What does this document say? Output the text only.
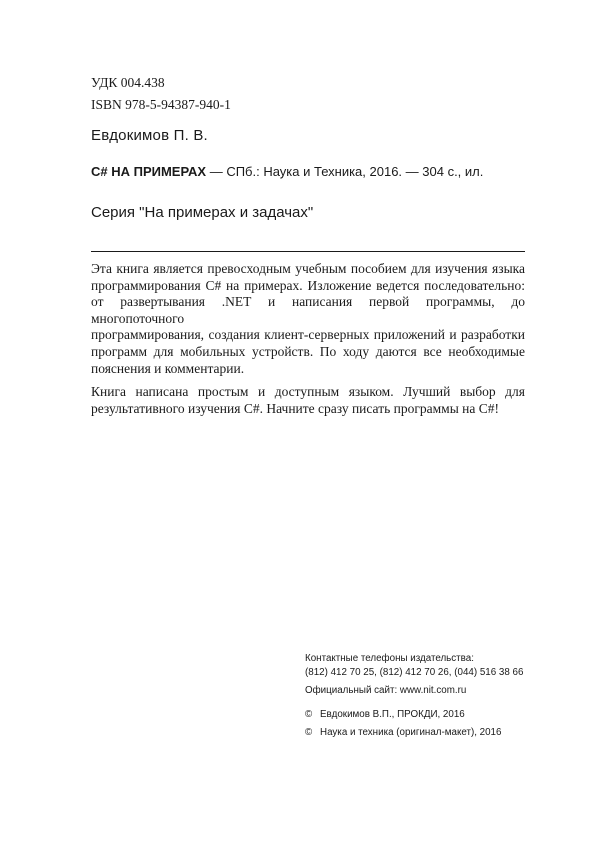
УДК 004.438
ISBN 978-5-94387-940-1
Евдокимов П. В.
C# НА ПРИМЕРАХ — СПб.: Наука и Техника, 2016. — 304 с., ил.
Серия "На примерах и задачах"

Эта книга является превосходным учебным пособием для изучения языка
программирования C# на примерах. Изложение ведется последовательно:
от развертывания .NET и написания первой программы, до многопоточного
программирования, создания клиент-серверных приложений и разработки
программ для мобильных устройств. По ходу даются все необходимые
пояснения и комментарии.

Книга написана простым и доступным языком. Лучший выбор для
результативного изучения C#. Начните сразу писать программы на C#!

Контактные телефоны издательства:
(812) 412 70 25, (812) 412 70 26, (044) 516 38 66
Официальный сайт: www.nit.com.ru
© Евдокимов В.П., ПРОКДИ, 2016
© Наука и техника (оригинал-макет), 2016
